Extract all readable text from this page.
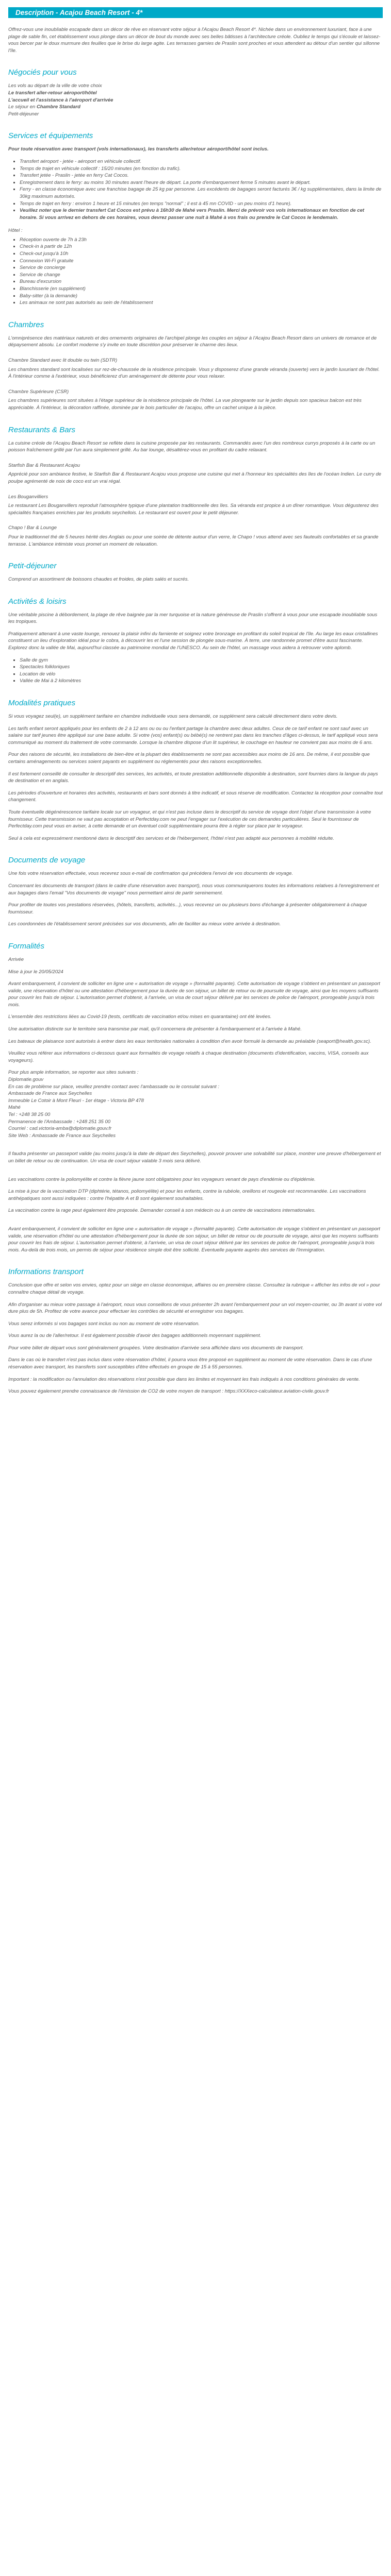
Description - Acajou Beach Resort - 4*

Offrez-vous une inoubliable escapade dans un décor de rêve en réservant votre séjour à l'Acajou Beach Resort 4*. Nichée dans un environnement luxuriant, face à une plage de sable fin, cet établissement vous plonge dans un décor de bout du monde avec ses belles bâtisses à l'architecture créole. Oubliez le temps qui s'écoule et laissez-vous bercer par le doux murmure des feuilles que le brise du large agite. Les terrasses garnies de Praslin sont proches et vous attendent au détour d'un sentier qui sillonne l'île.

Négociés pour vous

Les vols au départ de la ville de votre choix

Le transfert aller-retour aéroport/hôtel

L'accueil et l'assistance à l'aéroport d'arrivée

Le séjour en Chambre Standard

Petit-déjeuner

Services et équipements

Pour toute réservation avec transport (vols internationaux), les transferts aller/retour aéroport/hôtel sont inclus.

▪ Transfert aéroport - jetée - aéroport en véhicule collectif.
▪ Temps de trajet en véhicule collectif : 15/20 minutes (en fonction du trafic).
▪ Transfert jetée - Praslin - jetée en ferry Cat Cocos.
▪ Enregistrement dans le ferry: au moins 30 minutes avant l'heure de départ. La porte d'embarquement ferme 5 minutes avant le départ.
▪ Ferry - en classe économique avec une franchise bagage de 25 kg par personne. Les excédents de bagages seront facturés 3€ / kg supplémentaires, dans la limite de 30kg maximum autorisés.
▪ Temps de trajet en ferry : environ 1 heure et 15 minutes (en temps "normal" ; il est à 45 mn COVID - un peu moins d'1 heure).
▪ Veuillez noter que le dernier transfert Cat Cocos est prévu à 16h30 de Mahé vers Praslin. Merci de prévoir vos vols internationaux en fonction de cet horaire. Si vous arrivez en dehors de ces horaires, vous devrez passer une nuit à Mahé à vos frais ou prendre le Cat Cocos le lendemain.

Hôtel :

▪ Réception ouverte de 7h à 23h
▪ Check-in à partir de 12h
▪ Check-out jusqu'à 10h
▪ Connexion Wi-Fi gratuite
▪ Service de concierge
▪ Service de change
▪ Bureau d'excursion
▪ Blanchisserie (en supplément)
▪ Baby-sitter (à la demande)
▪ Les animaux ne sont pas autorisés au sein de l'établissement
Chambres

L'omniprésence des matériaux naturels et des ornements originaires de l'archipel plonge les couples en séjour à l'Acajou Beach Resort dans un univers de romance et de dépaysement absolu. Le confort moderne s'y invite en toute discrétion pour préserver le charme des lieux.

Chambre Standard avec lit double ou twin (SDTR)

Les chambres standard sont localisées sur rez-de-chaussée de la résidence principale. Vous y disposerez d'une grande véranda (ouverte) vers le jardin luxuriant de l'hôtel. À l'intérieur comme à l'extérieur, vous bénéficierez d'un aménagement de détente pour vous relaxer.

Chambre Supérieure (CSR)

Les chambres supérieures sont situées à l'étage supérieur de la résidence principale de l'hôtel. La vue plongeante sur le jardin depuis son spacieux balcon est très appréciable. À l'intérieur, la décoration raffinée, dominée par le bois particulier de l'acajou, offre un cachet unique à la pièce.

Restaurants & Bars

La cuisine créole de l'Acajou Beach Resort se reflète dans la cuisine proposée par les restaurants. Commandés avec l'un des nombreux currys proposés à la carte ou un poisson fraîchement grillé par l'un aura simplement grillé. Au bar lounge, désaltérez-vous en profitant du cadre relaxant.

Starfish Bar & Restaurant Acajou

Apprécié pour son ambiance festive, le Starfish Bar & Restaurant Acajou vous propose une cuisine qui met à l'honneur les spécialités des îles de l'océan Indien. Le curry de poulpe agrémenté de noix de coco est un vrai régal.

Les Bouganvilliers

Le restaurant Les Bouganvillers reproduit l'atmosphère typique d'une plantation traditionnelle des îles. Sa véranda est propice à un dîner romantique. Vous dégusterez des spécialités françaises enrichies par les produits seychellois. Le restaurant est ouvert pour le petit déjeuner.

Chapo ! Bar & Lounge

Pour le traditionnel thé de 5 heures hérité des Anglais ou pour une soirée de détente autour d'un verre, le Chapo ! vous attend avec ses fauteuils confortables et sa grande terrasse. L'ambiance intimiste vous promet un moment de relaxation.

Petit-déjeuner

Comprend un assortiment de boissons chaudes et froides, de plats salés et sucrés.

Activités & loisirs

Une véritable piscine à débordement, la plage de rêve baignée par la mer turquoise et la nature généreuse de Praslin s'offrent à vous pour une escapade inoubliable sous les tropiques.

Pratiquement attenant à une vaste lounge, renouez la plaisir infini du farniente et soignez votre bronzage en profitant du soleil tropical de l'île. Au large les eaux cristallines constituent un lieu d'exploration idéal pour le cobra, à découvrir les et l'une session de plongée sous-marine. À terre, une randonnée promet d'être aussi fascinante. Explorez donc la vallée de Mai, aujourd'hui classée au patrimoine mondial de l'UNESCO. Au sein de l'hôtel, un massage vous aidera à retrouver votre aplomb.

▪ Salle de gym
▪ Spectacles folkloriques
▪ Location de vélo
▪ Vallée de Mai à 2 kilomètres
Modalités pratiques

Si vous voyagez seul(e), un supplément tarifaire en chambre individuelle vous sera demandé, ce supplément sera calculé directement dans votre devis.

Les tarifs enfant seront appliqués pour les enfants de 2 à 12 ans ou ou ou l'enfant partage la chambre avec deux adultes. Ceux de ce tarif enfant ne sont sauf avec un salaire sur tarif jeunes être appliqué sur une base adulte. Si votre (vos) enfant(s) ou bébé(s) ne rentrent pas dans les tranches d'âges ci-dessus, le tarif appliqué vous sera communiqué au moment du traitement de votre commande. Lorsque la chambre dispose d'un lit supérieur, le couchage en hauteur ne convient pas aux moins de 6 ans.

Pour des raisons de sécurité, les installations de bien-être et la plupart des établissements ne sont pas accessibles aux moins de 16 ans. De même, il est possible que certains aménagements ou services soient payants en supplément ou réglementés pour des raisons exceptionnelles.

Il est fortement conseillé de consulter le descriptif des services, les activités, et toute prestation additionnelle disponible à destination, sont fournies dans la langue du pays de destination et en anglais.

Les périodes d'ouverture et horaires des activités, restaurants et bars sont donnés à titre indicatif, et sous réserve de modification. Contactez la réception pour connaître tout changement.

Toute éventuelle dégénérescence tarifaire locale sur un voyageur, et qui n'est pas incluse dans le descriptif du service de voyage dont l'objet d'une transmission à votre fournisseur. Cette transmission ne vaut pas acceptation et Perfectday.com ne peut l'engager sur l'exécution de ces demandes particulières. Seul le fournisseur de Perfectday.com peut vous en aviser, à cette demande et un éventuel coût supplémentaire pourra être à régler sur place par le voyageur.

Seul à cela est expressément mentionné dans le descriptif des services et de l'hébergement, l'hôtel n'est pas adapté aux personnes à mobilité réduite.

Documents de voyage

Une fois votre réservation effectuée, vous recevrez sous e-mail de confirmation qui précédera l'envoi de vos documents de voyage.

Concernant les documents de transport (dans le cadre d'une réservation avec transport), nous vous communiquerons toutes les informations relatives à l'enregistrement et aux bagages dans l'email "Vos documents de voyage" nous permettant ainsi de partir sereinement.

Pour profiter de toutes vos prestations réservées, (hôtels, transferts, activités...), vous recevrez un ou plusieurs bons d'échange à présenter obligatoirement à chaque fournisseur.

Les coordonnées de l'établissement seront précisées sur vos documents, afin de faciliter au mieux votre arrivée à destination.

Formalités

Arrivée

Mise à jour le 20/05/2024

Avant embarquement, il convient de solliciter en ligne une « autorisation de voyage » (formalité payante). Cette autorisation de voyage s'obtient en présentant un passeport valide, une réservation d'hôtel ou une attestation d'hébergement pour la durée de son séjour, un billet de retour ou de poursuite de voyage, ainsi que les moyens suffisants pour couvrir les frais de séjour. L'autorisation permet d'obtenir, à l'arrivée, un visa de court séjour délivré par les services de police de l'aéroport, prorogeable jusqu'à trois mois.

L'ensemble des restrictions liées au Covid-19 (tests, certificats de vaccination et/ou mises en quarantaine) ont été levées.

Une autorisation distincte sur le territoire sera transmise par mail, qu'il concernera de présenter à l'embarquement et à l'arrivée à Mahé.

Les bateaux de plaisance sont autorisés à entrer dans les eaux territoriales nationales à condition d'en avoir formulé la demande au préalable (seaport@health.gov.sc).

Veuillez vous référer aux informations ci-dessous quant aux formalités de voyage relatifs à chaque destination (documents d'identification, vaccins, VISA, conseils aux voyageurs).

Pour plus ample information, se reporter aux sites suivants :

Diplomatie.gouv

En cas de problème sur place, veuillez prendre contact avec l'ambassade ou le consulat suivant :

Ambassade de France aux Seychelles

Immeuble Le Cotoir à Mont Fleuri - 1er étage - Victoria BP 478

Mahé

Tel : +248 38 25 00

Permanence de l'Ambassade : +248 251 35 00

Courriel : cad.victoria-amba@diplomatie.gouv.fr

Site Web : Ambassade de France aux Seychelles

Il faudra présenter un passeport valide (au moins jusqu'à la date de départ des Seychelles), pouvoir prouver une solvabilité sur place, montrer une preuve d'hébergement et un billet de retour ou de continuation. Un visa de court séjour valable 3 mois sera délivré.

Les vaccinations contre la poliomyélite et contre la fièvre jaune sont obligatoires pour les voyageurs venant de pays d'endémie ou d'épidémie.

La mise à jour de la vaccination DTP (diphtérie, tétanos, poliomyélite) et pour les enfants, contre la rubéole, oreillons et rougeole est recommandée. Les vaccinations antihépatiques sont aussi indiquées : contre l'hépatite A et B sont également souhaitables.

La vaccination contre la rage peut également être proposée. Demander conseil à son médecin ou à un centre de vaccinations internationales.

Avant embarquement, il convient de solliciter en ligne une « autorisation de voyage » (formalité payante). Cette autorisation de voyage s'obtient en présentant un passeport valide, une réservation d'hôtel ou une attestation d'hébergement pour la durée de son séjour, un billet de retour ou de poursuite de voyage, ainsi que les moyens suffisants pour couvrir les frais de séjour. L'autorisation permet d'obtenir, à l'arrivée, un visa de court séjour délivré par les services de police de l'aéroport, prorogeable jusqu'à trois mois. Au-delà de trois mois, un permis de séjour pour résidence simple doit être sollicité. Eventuelle payante auprès des services de l'Immigration.

Informations transport

Conclusion que offre et selon vos envies, optez pour un siège en classe économique, affaires ou en première classe. Consultez la rubrique « afficher les infos de vol » pour connaître chaque détail de voyage.

Afin d'organiser au mieux votre passage à l'aéroport, nous vous conseillons de vous présenter 2h avant l'embarquement pour un vol moyen-courrier, ou 3h avant si votre vol dure plus de 5h. Profitez de votre avance pour effectuer les contrôles de sécurité et enregistrer vos bagages.

Vous serez informés si vos bagages sont inclus ou non au moment de votre réservation.

Vous aurez la ou de l'aller/retour. Il est également possible d'avoir des bagages additionnels moyennant supplément.

Pour votre billet de départ vous sont généralement groupées. Votre destination d'arrivée sera affichée dans vos documents de transport.

Dans le cas où le transfert n'est pas inclus dans votre réservation d'hôtel, il pourra vous être proposé en supplément au moment de votre réservation. Dans le cas d'une réservation avec transport, les transferts sont susceptibles d'être effectués en groupe de 15 à 55 personnes.

Important : la modification ou l'annulation des réservations n'est possible que dans les limites et moyennant les frais indiqués à nos conditions générales de vente.

Vous pouvez également prendre connaissance de l'émission de CO2 de votre moyen de transport : https://XXXeco-calculateur.aviation-civile.gouv.fr
